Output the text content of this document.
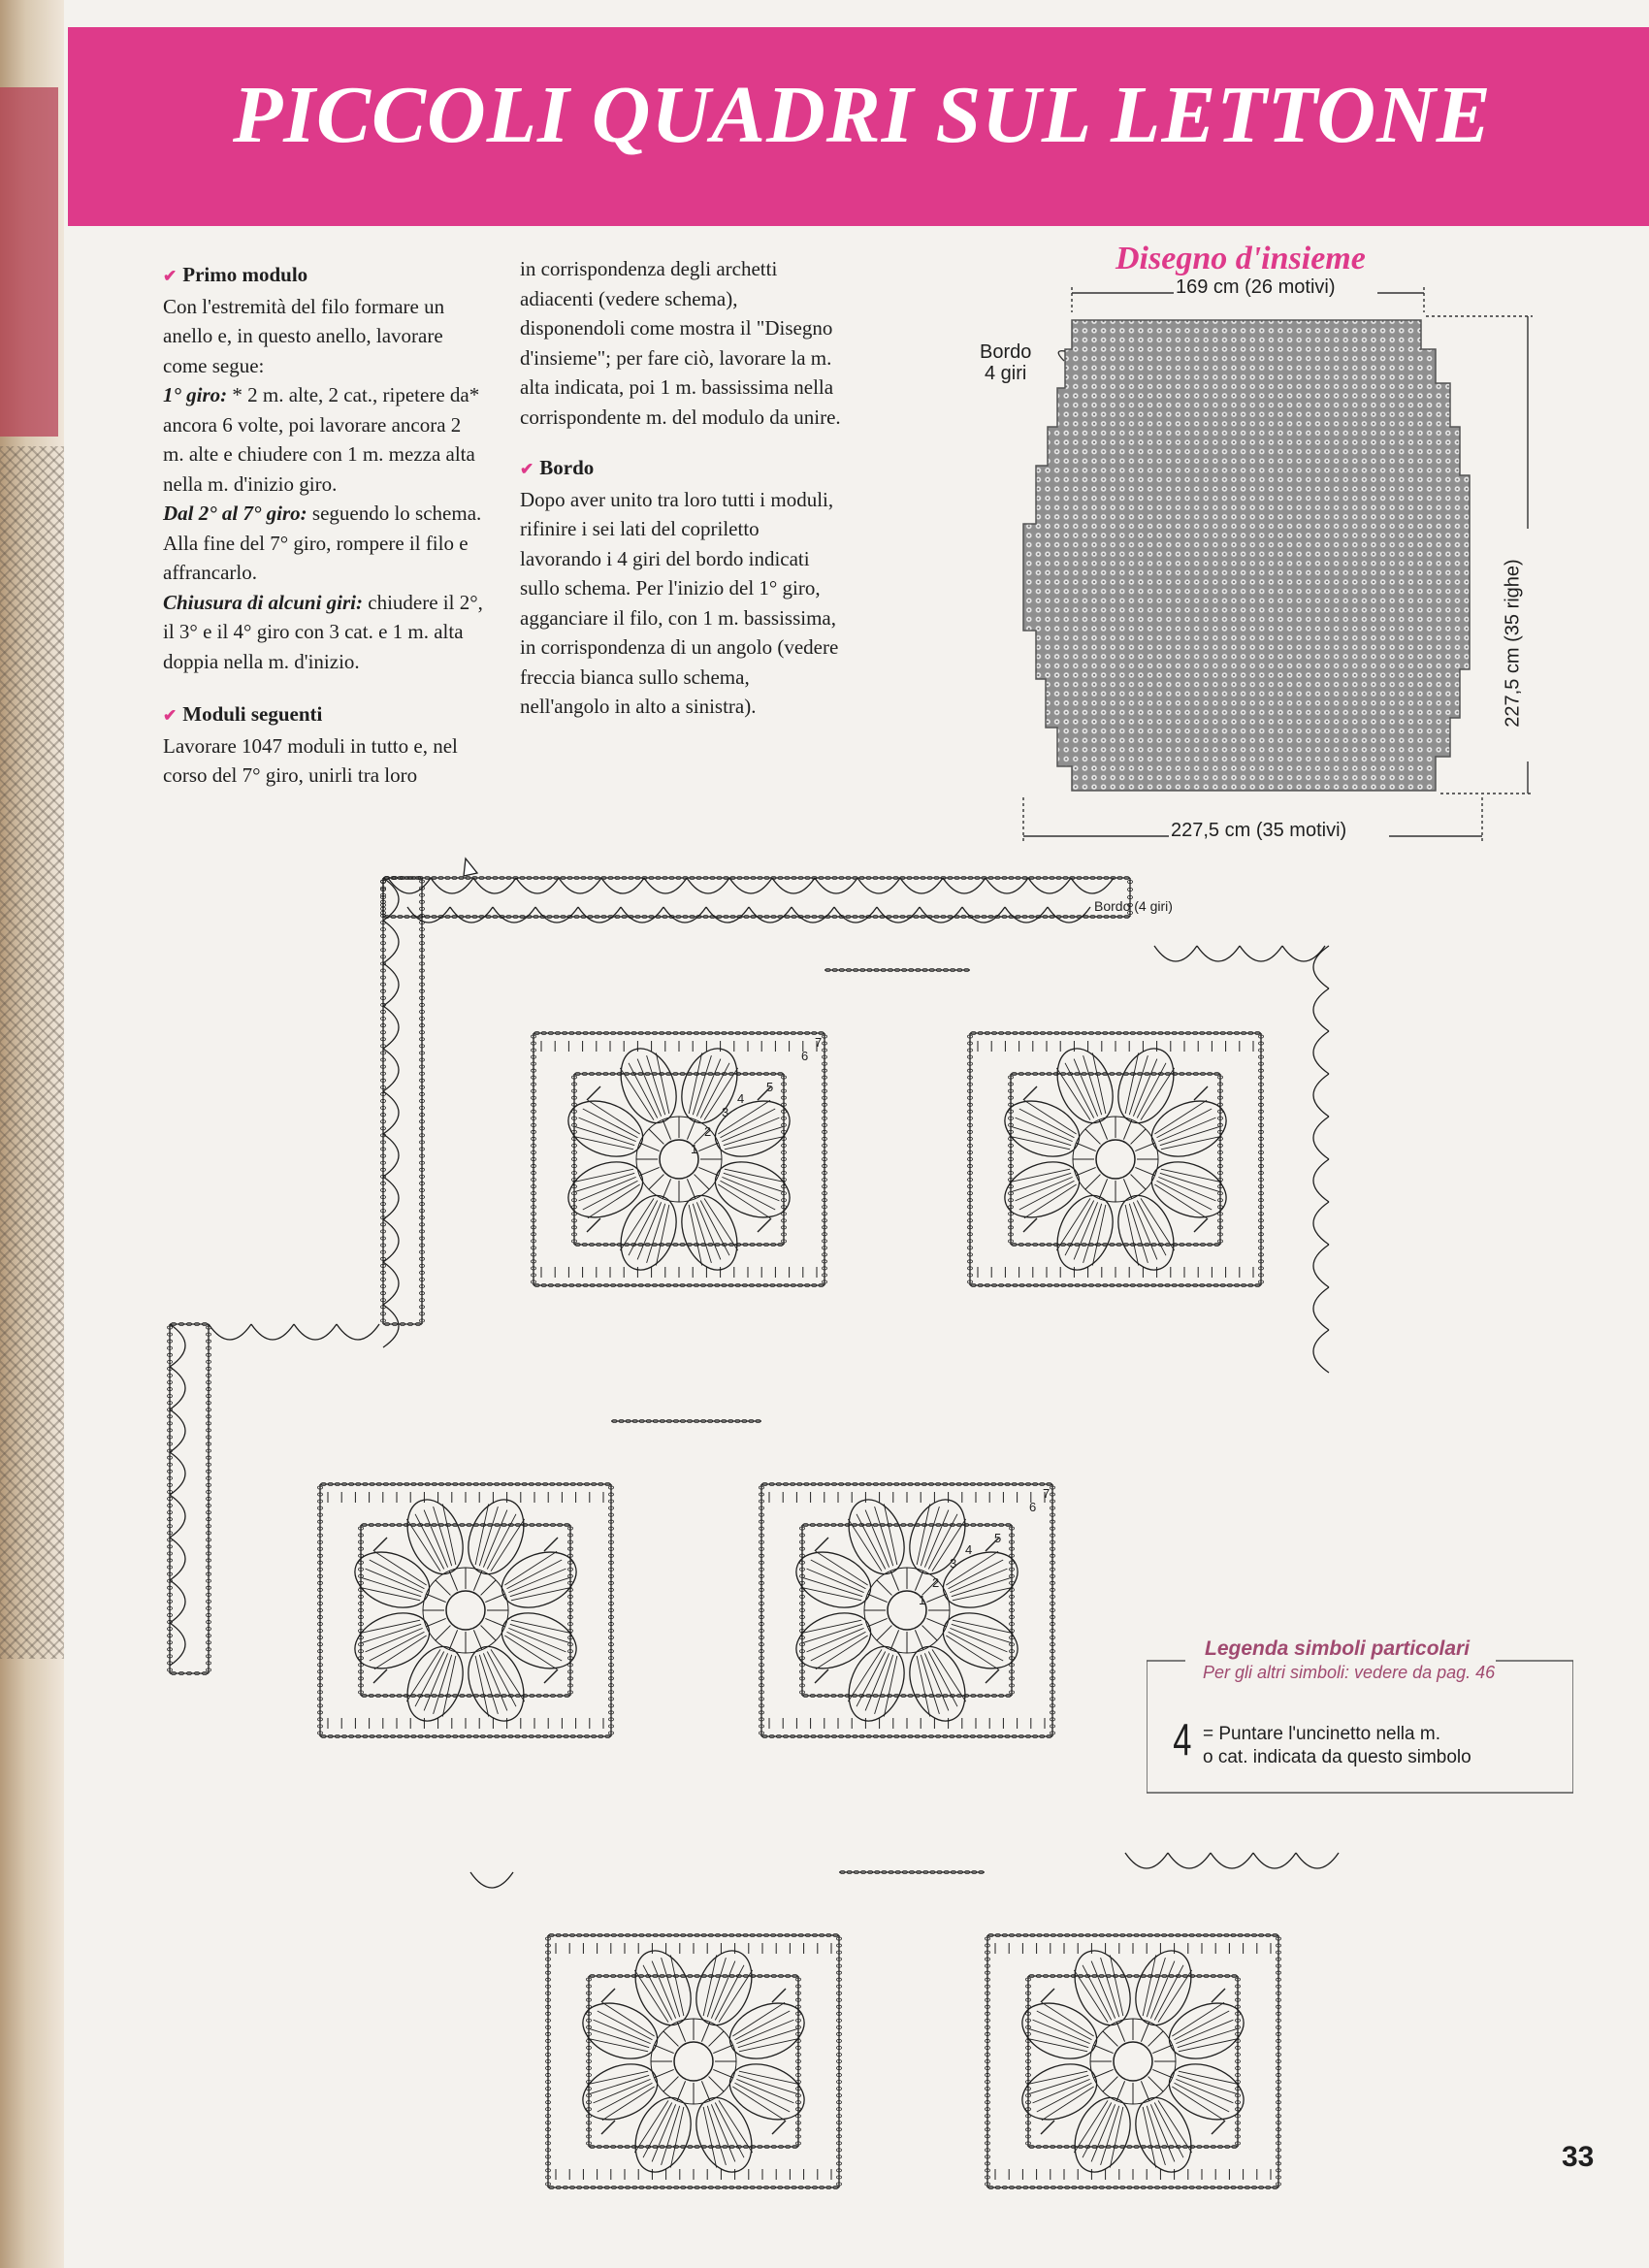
PICCOLI QUADRI SUL LETTONE

✔ Primo modulo

Con l'estremità del filo formare un anello e, in questo anello, lavorare come segue:

1° giro: * 2 m. alte, 2 cat., ripetere da* ancora 6 volte, poi lavorare ancora 2 m. alte e chiudere con 1 m. mezza alta nella m. d'inizio giro.

Dal 2° al 7° giro: seguendo lo schema. Alla fine del 7° giro, rompere il filo e affrancarlo.

Chiusura di alcuni giri: chiudere il 2°, il 3° e il 4° giro con 3 cat. e 1 m. alta doppia nella m. d'inizio.

✔ Moduli seguenti

Lavorare 1047 moduli in tutto e, nel corso del 7° giro, unirli tra loro

in corrispondenza degli archetti adiacenti (vedere schema), disponendoli come mostra il "Disegno d'insieme"; per fare ciò, lavorare la m. alta indicata, poi 1 m. bassissima nella corrispondente m. del modulo da unire.

✔ Bordo

Dopo aver unito tra loro tutti i moduli, rifinire i sei lati del copriletto lavorando i 4 giri del bordo indicati sullo schema. Per l'inizio del 1° giro, agganciare il filo, con 1 m. bassissima, in corrispondenza di un angolo (vedere freccia bianca sullo schema, nell'angolo in alto a sinistra).

Disegno d'insieme
169 cm (26 motivi)
227,5 cm (35 motivi)
227,5 cm (35 righe)
Bordo
4 giri
Bordo (4 giri)
1
2
3
4
5
6
7
1
2
3
4
5
6
7
Legenda simboli particolari
Per gli altri simboli: vedere da pag. 46
4 = Puntare l'uncinetto nella m.
o cat. indicata da questo simbolo
33
